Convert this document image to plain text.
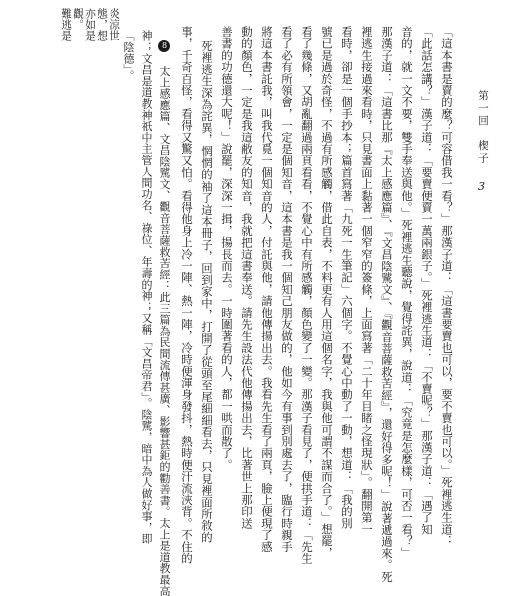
第一回
楔子
3
「這本書是賣的麼？可容借我一看？」那漢子道：「這書要賣也可以，要不賣也可以。」死裡逃生道：
「此話怎講？」漢子道：「要賣便賣一萬兩銀子。」死裡逃生道：「不賣呢？」那漢子道：「遇了知
音的，就一文不要，雙手奉送與他。」死裡逃生聽說，覺得詫異，說道：「究竟是怎麼樣，可否一看？」
那漢子道：「這書比那『太上感應篇』、『文昌陰騭文』、『觀音菩薩救苦經』，還好得多呢！」說著遞過來。死
裡逃生接過來看時，只見書面上黏著一個窄窄的簽條，上面寫著「二十年目睹之怪現狀」。翻開第一
看時，卻是一個手抄本；篇首寫著「九死一生筆記」六個字。不覺心中動了一動，想道：「我的別
號已是過於奇怪，不過有所感觸，借此自表，不料更有人用這個名字，我與他可謂不謀而合了。」想罷，
看了幾條，又胡亂翻過兩頁看看，不覺心中有所感觸，顏色變了一變。那漢子看見了，便拱手道：「先生
看了必有所領會，一定是個知音，這本書是我一個知己朋友做的，他如今有事到別處去了，臨行時親手
將這本書託我，叫我代覓一個知音的人，付託與他，請他傳揚出去。我看先生看了兩頁，臉上便現了感
動的顏色，一定是我這敝友的知音，我就把這書奉送。請先生設法代他傳揚出去，比著世上那印送
善書的功德還大呢！」說罷，深深一揖，揚長而去。一時圍著看的人，都一哄而散了。
死裡逃生深為詫異，惘惘的袖了這本冊子，回到家中，打開了從頭至尾細細看去，只見裡面所敘的
事，千奇百怪，看得又驚又怕。看得他身上冷一陣、熱一陣，冷時便渾身發抖，熱時便汗流浹背。不住的
8 太上感應篇、文昌陰騭文、觀音菩薩救苦經：此三篇為民間流傳甚廣、影響甚鉅的勸善書。太上是道教最高
神；文昌是道教神祇中主管人間功名、祿位、年壽的神；又稱「文昌帝君」。陰騭，暗中為人做好事，即
「陰德」。
炎涼世
態，想
亦如是
觀。
難逃是
